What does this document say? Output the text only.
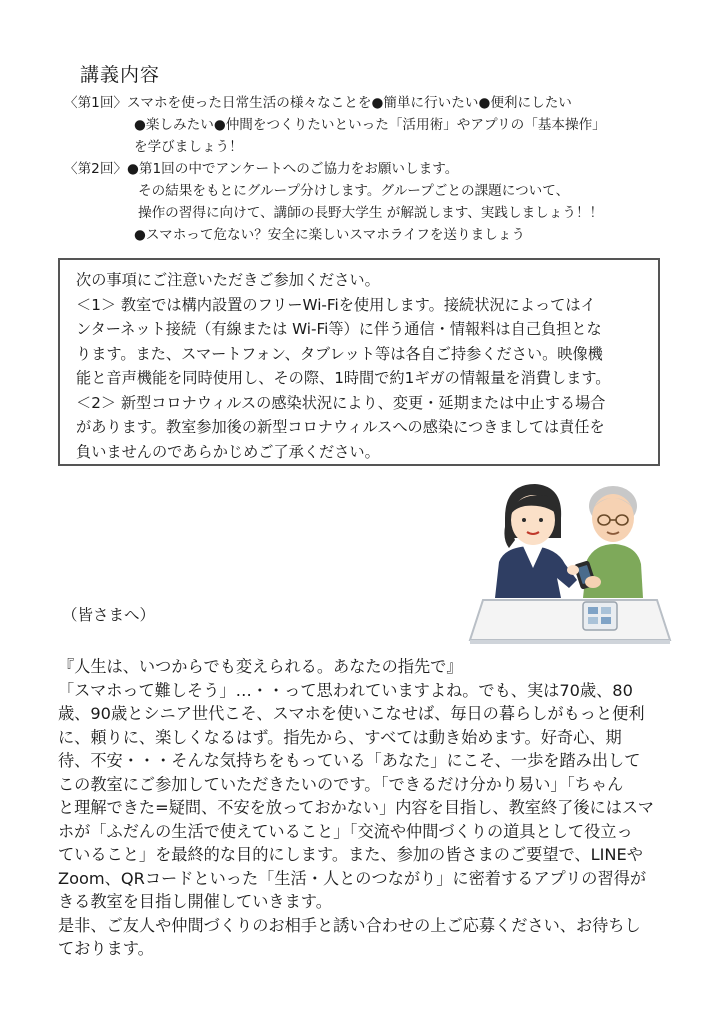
講義内容
〈第1回〉スマホを使った日常生活の様々なことを●簡単に行いたい●便利にしたい
●楽しみたい●仲間をつくりたいといった「活用術」やアプリの「基本操作」
を学びましょう！
〈第2回〉●第1回の中でアンケートへのご協力をお願いします。
その結果をもとにグループ分けします。グループごとの課題について、
操作の習得に向けて、講師の長野大学生 が解説します、実践しましょう！！
●スマホって危ない？安全に楽しいスマホライフを送りましょう
次の事項にご注意いただきご参加ください。
＜1＞ 教室では構内設置のフリーWi-Fiを使用します。接続状況によってはイ
ンターネット接続（有線または Wi-Fi等）に伴う通信・情報料は自己負担とな
ります。また、スマートフォン、タブレット等は各自ご持参ください。映像機
能と音声機能を同時使用し、その際、1時間で約1ギガの情報量を消費します。
＜2＞ 新型コロナウィルスの感染状況により、変更・延期または中止する場合
があります。教室参加後の新型コロナウィルスへの感染につきましては責任を
負いませんのであらかじめご了承ください。
（皆さまへ）
『人生は、いつからでも変えられる。あなたの指先で』
「スマホって難しそう」…・・って思われていますよね。でも、実は70歳、80
歳、90歳とシニア世代こそ、スマホを使いこなせば、毎日の暮らしがもっと便利
に、頼りに、楽しくなるはず。指先から、すべては動き始めます。好奇心、期
待、不安・・・そんな気持ちをもっている「あなた」にこそ、一歩を踏み出して
この教室にご参加していただきたいのです。「できるだけ分かり易い」「ちゃん
と理解できた=疑問、不安を放っておかない」内容を目指し、教室終了後にはスマ
ホが「ふだんの生活で使えていること」「交流や仲間づくりの道具として役立っ
ていること」を最終的な目的にします。また、参加の皆さまのご要望で、LINEや
Zoom、QRコードといった「生活・人とのつながり」に密着するアプリの習得が
きる教室を目指し開催していきます。
是非、ご友人や仲間づくりのお相手と誘い合わせの上ご応募ください、お待ちし
ております。
